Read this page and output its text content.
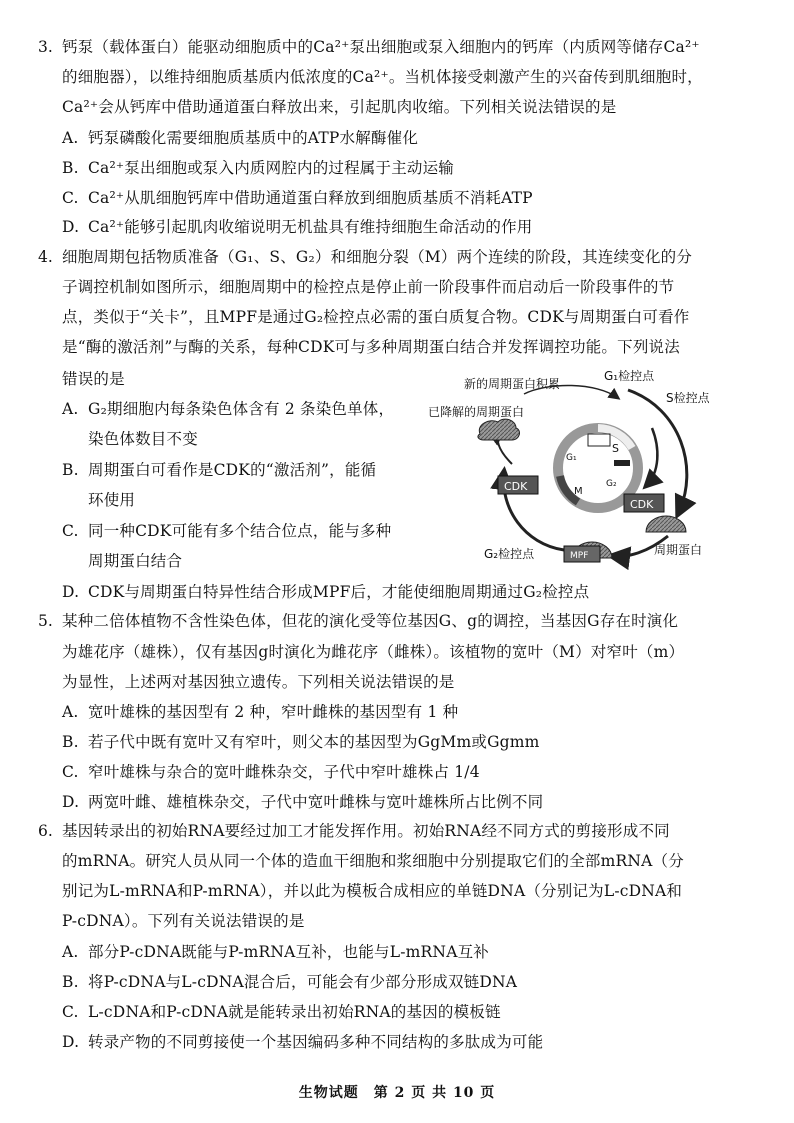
3. 钙泵（载体蛋白）能驱动细胞质中的Ca²⁺泵出细胞或泵入细胞内的钙库（内质网等储存Ca²⁺
的细胞器），以维持细胞质基质内低浓度的Ca²⁺。当机体接受刺激产生的兴奋传到肌细胞时，
Ca²⁺会从钙库中借助通道蛋白释放出来，引起肌肉收缩。下列相关说法错误的是
A. 钙泵磷酸化需要细胞质基质中的ATP水解酶催化
B. Ca²⁺泵出细胞或泵入内质网腔内的过程属于主动运输
C. Ca²⁺从肌细胞钙库中借助通道蛋白释放到细胞质基质不消耗ATP
D. Ca²⁺能够引起肌肉收缩说明无机盐具有维持细胞生命活动的作用
4. 细胞周期包括物质准备（G₁、S、G₂）和细胞分裂（M）两个连续的阶段，其连续变化的分
子调控机制如图所示，细胞周期中的检控点是停止前一阶段事件而启动后一阶段事件的节
点，类似于“关卡”，且MPF是通过G₂检控点必需的蛋白质复合物。CDK与周期蛋白可看作
是“酶的激活剂”与酶的关系，每种CDK可与多种周期蛋白结合并发挥调控功能。下列说法
错误的是
A. G₂期细胞内每条染色体含有 2 条染色单体，
染色体数目不变
B. 周期蛋白可看作是CDK的“激活剂”，能循
环使用
C. 同一种CDK可能有多个结合位点，能与多种
周期蛋白结合
D. CDK与周期蛋白特异性结合形成MPF后，才能使细胞周期通过G₂检控点
新的周期蛋白积累
G₁检控点
已降解的周期蛋白
S检控点
G₂检控点	周期蛋白
G₁
S
G₂
M
CDK
CDK
MPF
5. 某种二倍体植物不含性染色体，但花的演化受等位基因G、g的调控，当基因G存在时演化
为雄花序（雄株），仅有基因g时演化为雌花序（雌株）。该植物的宽叶（M）对窄叶（m）
为显性，上述两对基因独立遗传。下列相关说法错误的是
A. 宽叶雄株的基因型有 2 种，窄叶雌株的基因型有 1 种
B. 若子代中既有宽叶又有窄叶，则父本的基因型为GgMm或Ggmm
C. 窄叶雄株与杂合的宽叶雌株杂交，子代中窄叶雄株占 1/4
D. 两宽叶雌、雄植株杂交，子代中宽叶雌株与宽叶雄株所占比例不同
6. 基因转录出的初始RNA要经过加工才能发挥作用。初始RNA经不同方式的剪接形成不同
的mRNA。研究人员从同一个体的造血干细胞和浆细胞中分别提取它们的全部mRNA（分
别记为L-mRNA和P-mRNA），并以此为模板合成相应的单链DNA（分别记为L-cDNA和
P-cDNA）。下列有关说法错误的是
A. 部分P-cDNA既能与P-mRNA互补，也能与L-mRNA互补
B. 将P-cDNA与L-cDNA混合后，可能会有少部分形成双链DNA
C. L-cDNA和P-cDNA就是能转录出初始RNA的基因的模板链
D. 转录产物的不同剪接使一个基因编码多种不同结构的多肽成为可能
生物试题　第 2 页 共 10 页
